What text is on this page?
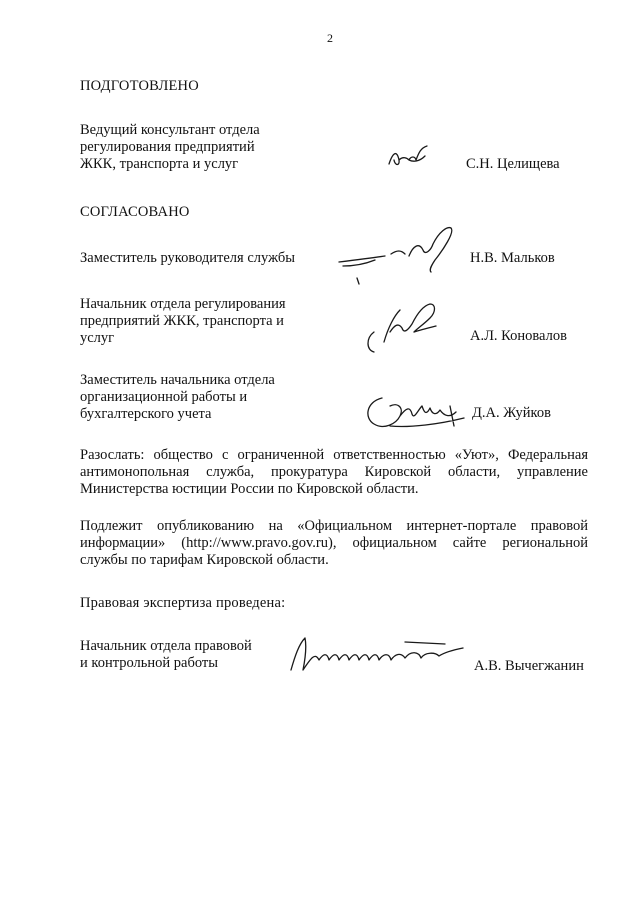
2
ПОДГОТОВЛЕНО
Ведущий консультант отдела
регулирования предприятий
ЖКК, транспорта и услуг	С.Н. Целищева
СОГЛАСОВАНО
Заместитель руководителя службы	Н.В. Мальков
Начальник отдела регулирования
предприятий ЖКК, транспорта и
услуг	А.Л. Коновалов
Заместитель начальника отдела
организационной работы и
бухгалтерского учета	Д.А. Жуйков
Разослать: общество с ограниченной ответственностью «Уют», Федеральная антимонопольная служба, прокуратура Кировской области, управление Министерства юстиции России по Кировской области.
Подлежит опубликованию на «Официальном интернет-портале правовой информации» (http://www.pravo.gov.ru), официальном сайте региональной службы по тарифам Кировской области.
Правовая экспертиза проведена:
Начальник отдела правовой
и контрольной работы	А.В. Вычегжанин
